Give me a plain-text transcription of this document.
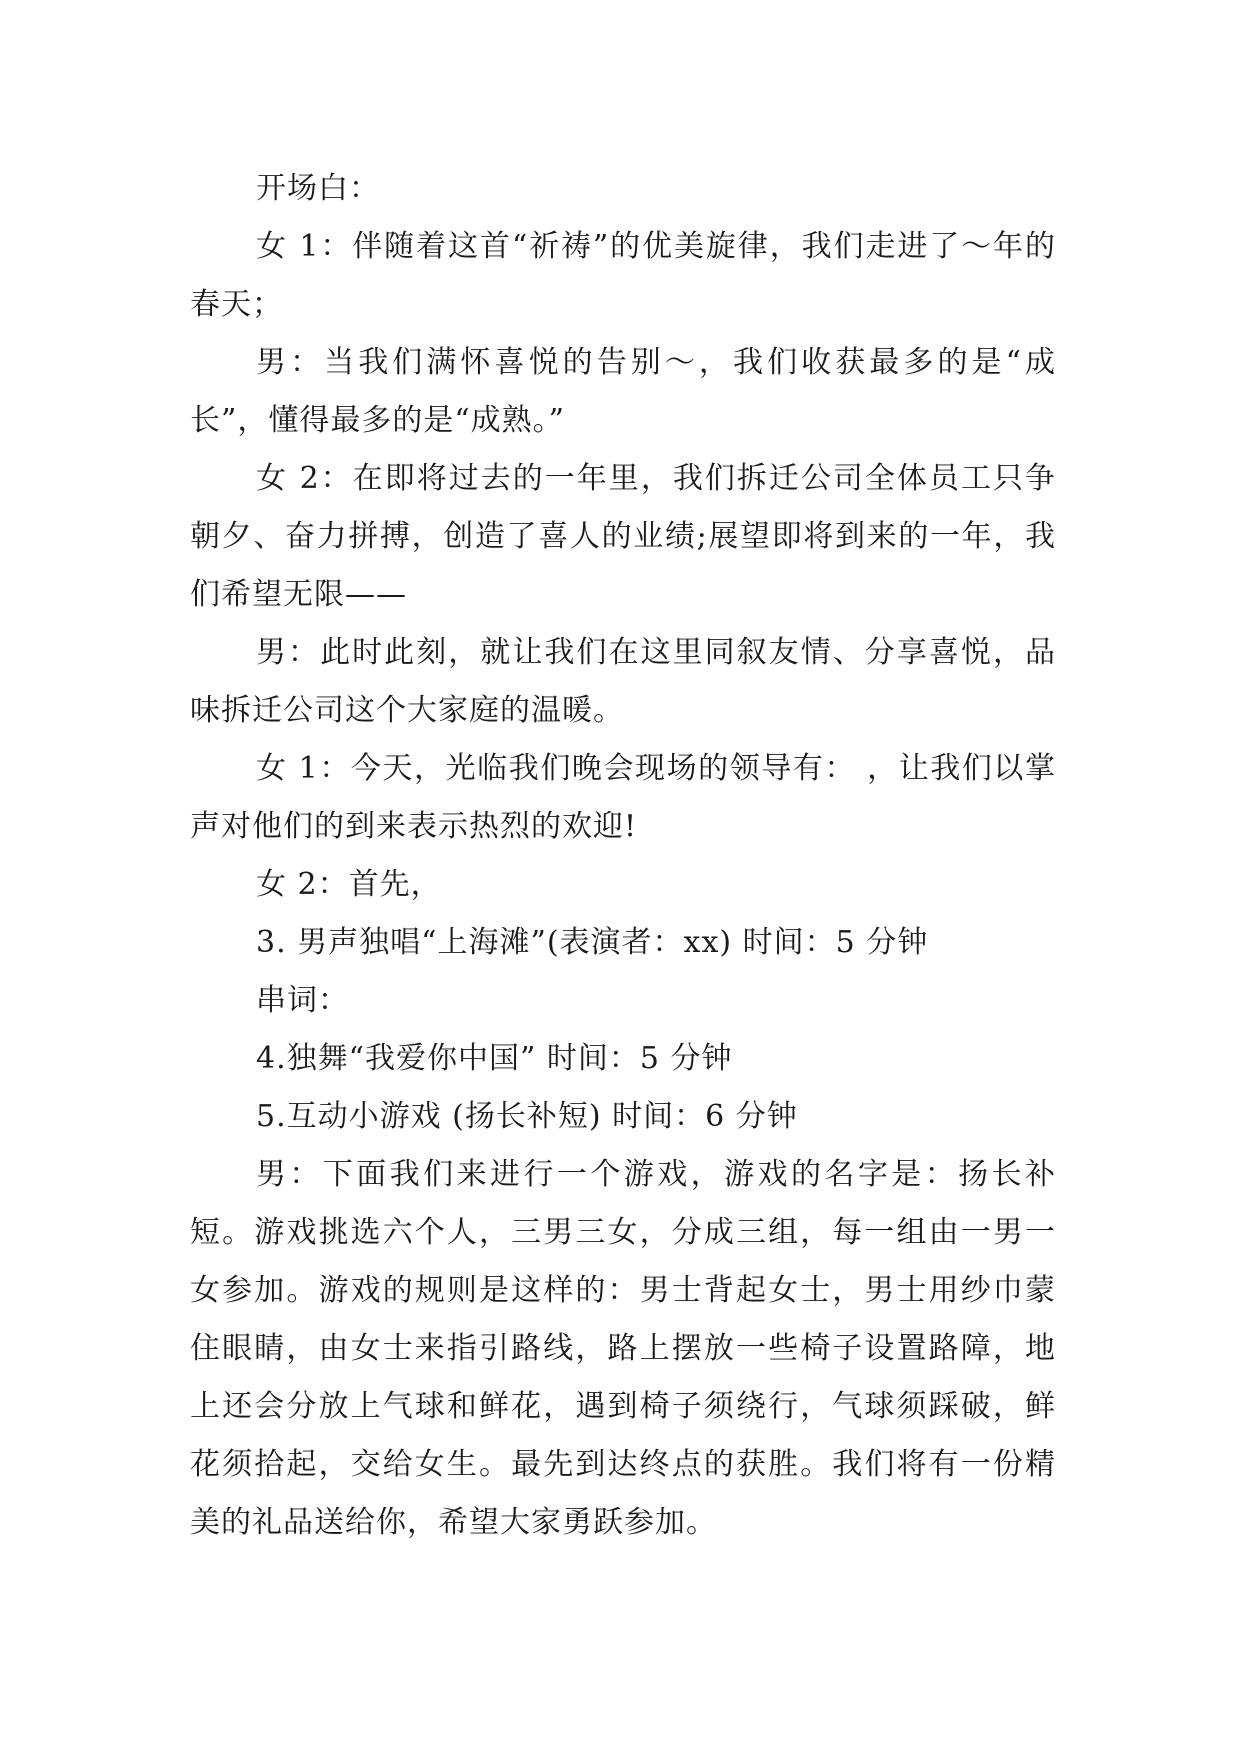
开场白：

女 1：伴随着这首“祈祷”的优美旋律，我们走进了～年的春天；

男：当我们满怀喜悦的告别～，我们收获最多的是“成长”，懂得最多的是“成熟。”

女 2：在即将过去的一年里，我们拆迁公司全体员工只争朝夕、奋力拼搏，创造了喜人的业绩;展望即将到来的一年，我们希望无限——

男：此时此刻，就让我们在这里同叙友情、分享喜悦，品味拆迁公司这个大家庭的温暖。

女 1：今天，光临我们晚会现场的领导有： ，让我们以掌声对他们的到来表示热烈的欢迎!

女 2：首先，

3. 男声独唱“上海滩”(表演者：xx) 时间：5 分钟

串词：

4.独舞“我爱你中国” 时间：5 分钟

5.互动小游戏 (扬长补短) 时间：6 分钟

男：下面我们来进行一个游戏，游戏的名字是：扬长补短。游戏挑选六个人，三男三女，分成三组，每一组由一男一女参加。游戏的规则是这样的：男士背起女士，男士用纱巾蒙住眼睛，由女士来指引路线，路上摆放一些椅子设置路障，地上还会分放上气球和鲜花，遇到椅子须绕行，气球须踩破，鲜花须拾起，交给女生。最先到达终点的获胜。我们将有一份精美的礼品送给你，希望大家勇跃参加。
